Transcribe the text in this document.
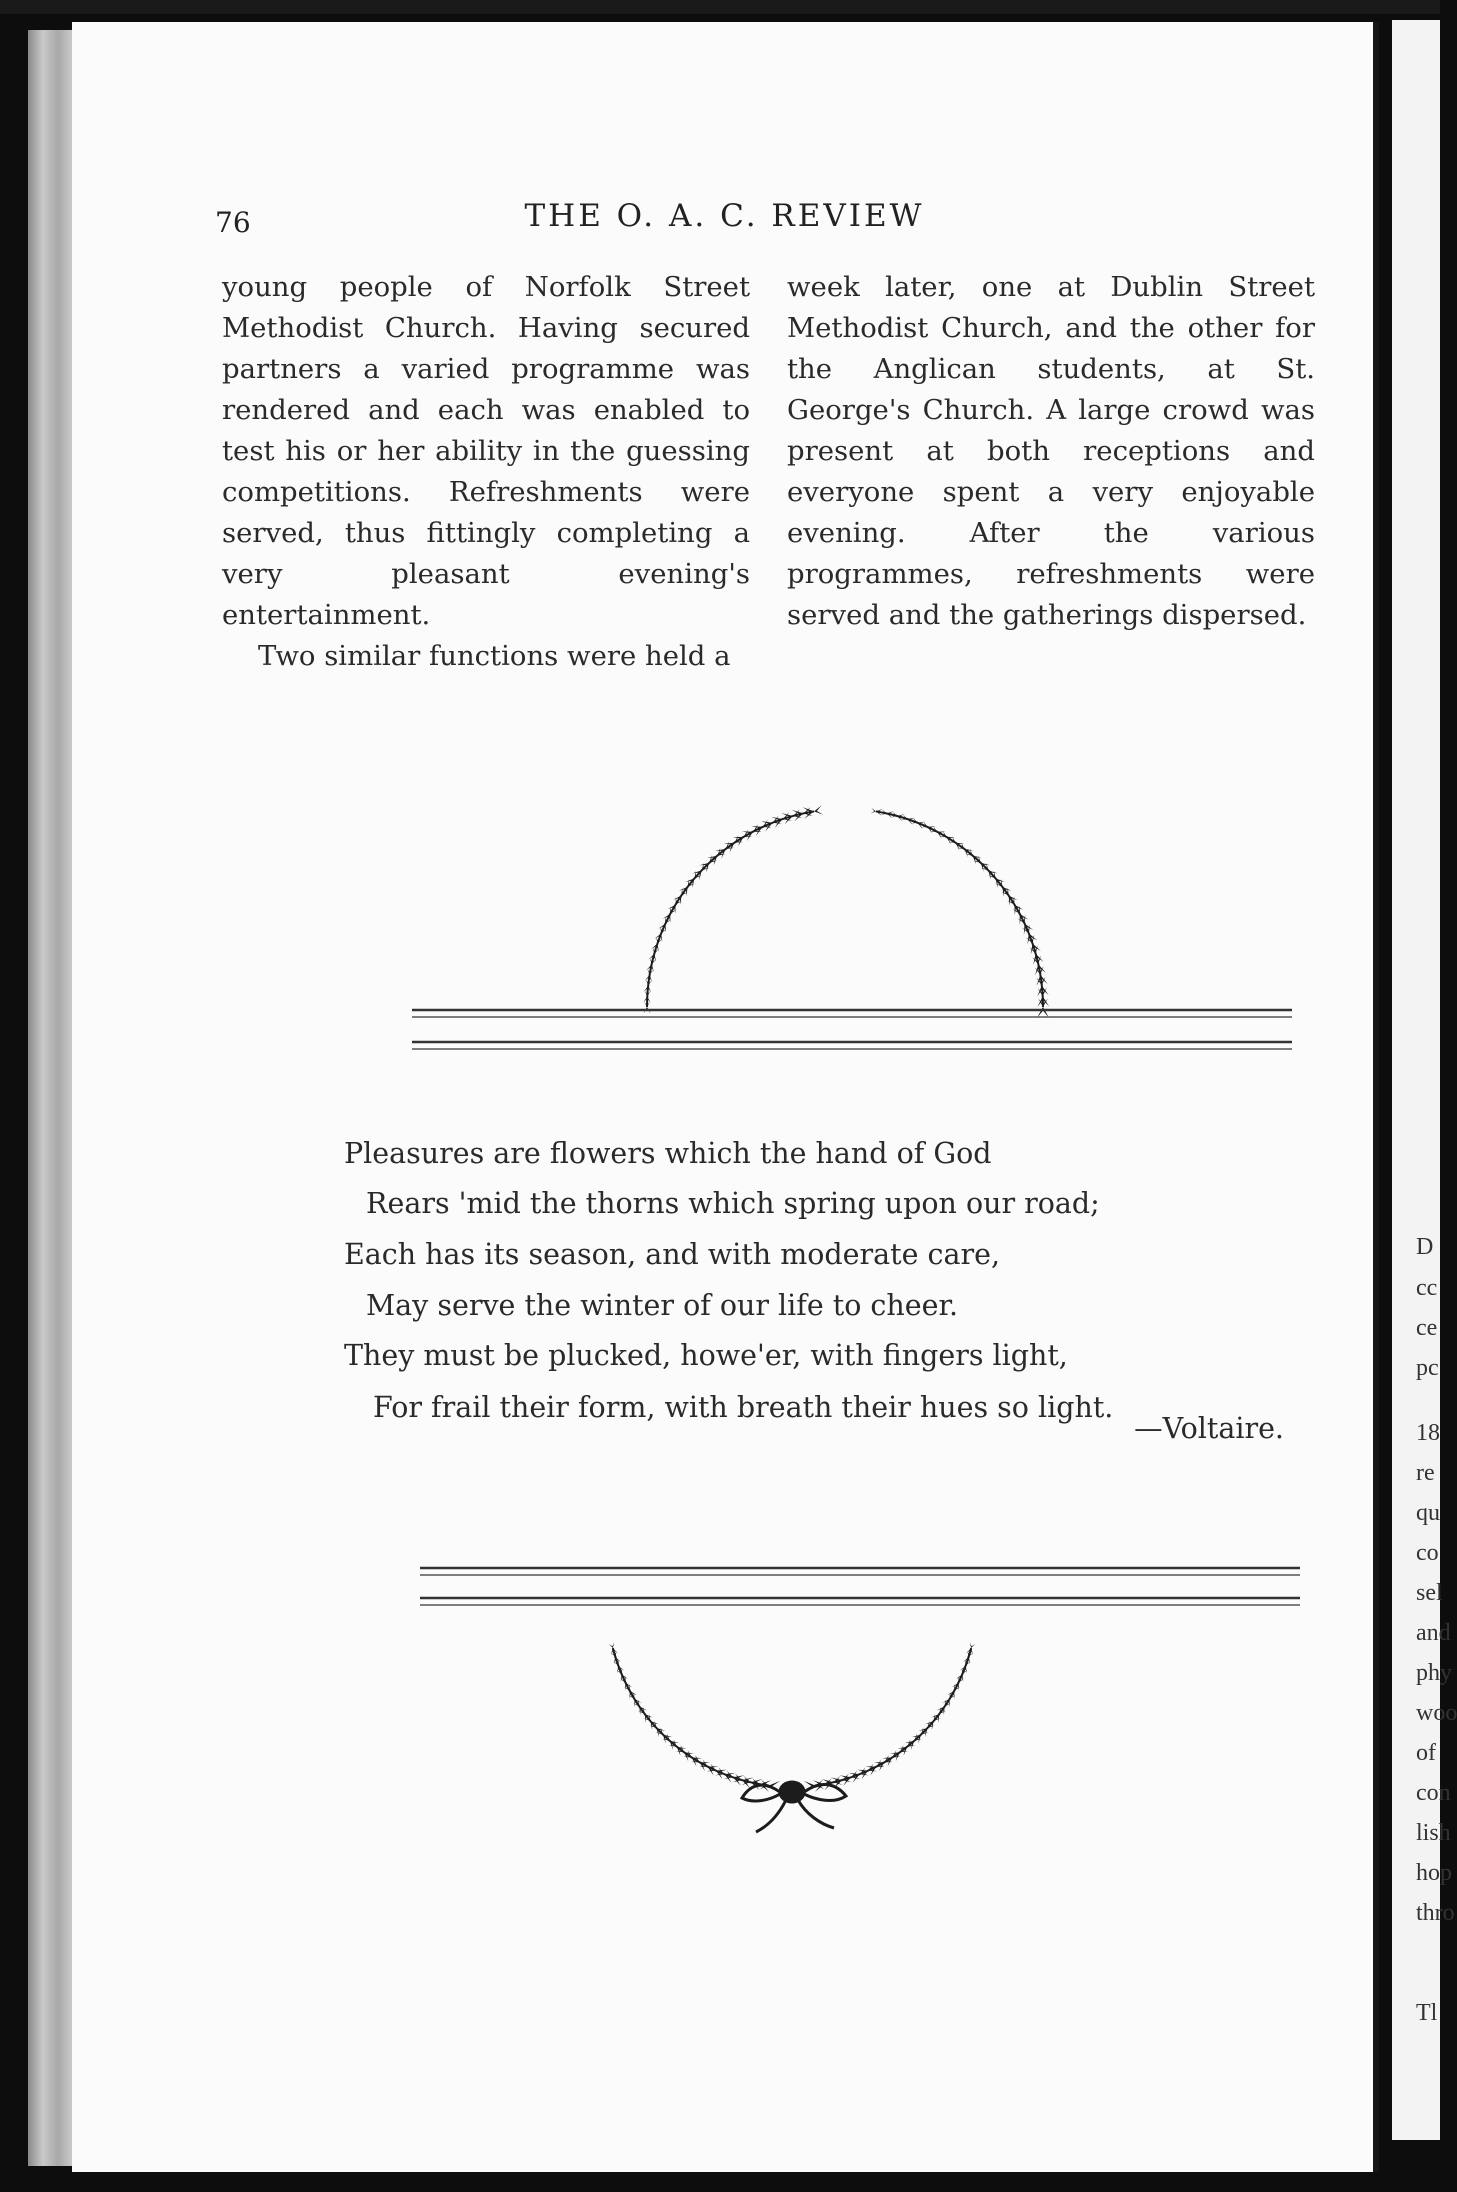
76	THE O. A. C. REVIEW

young people of Norfolk Street Methodist Church. Having secured partners a varied programme was rendered and each was enabled to test his or her ability in the guessing competitions. Refreshments were served, thus fittingly completing a very pleasant evening's entertainment.

Two similar functions were held a

week later, one at Dublin Street Methodist Church, and the other for the Anglican students, at St. George's Church. A large crowd was present at both receptions and everyone spent a very enjoyable evening. After the various programmes, refreshments were served and the gatherings dispersed.

Pleasures are flowers which the hand of God
Rears 'mid the thorns which spring upon our road;
Each has its season, and with moderate care,
May serve the winter of our life to cheer.
They must be plucked, howe'er, with fingers light,
For frail their form, with breath their hues so light.
—Voltaire.
D
cc
ce
pc
18
re
qu
co
sel
and
phy
woo
of
con
lish
hop
thro
Tl
